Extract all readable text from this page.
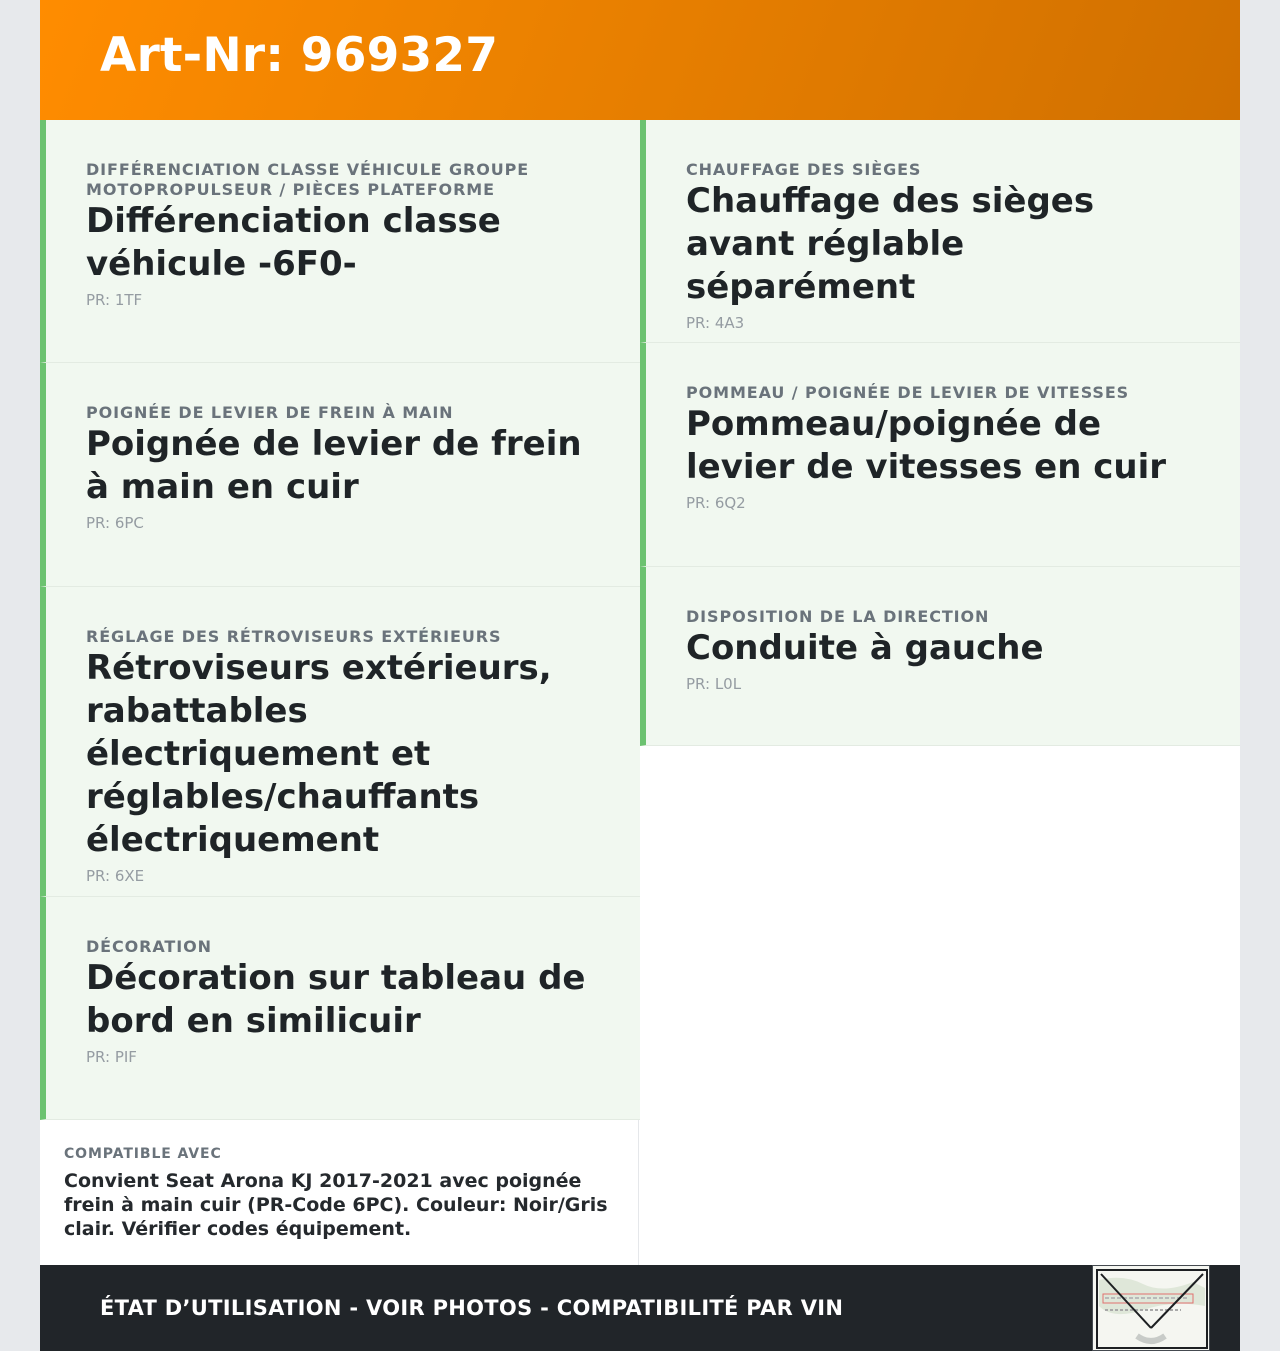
Art-Nr: 969327

DIFFÉRENCIATION CLASSE VÉHICULE GROUPE MOTOPROPULSEUR / PIÈCES PLATEFORME

Différenciation classe véhicule -6F0-

PR: 1TF

POIGNÉE DE LEVIER DE FREIN À MAIN

Poignée de levier de frein à main en cuir

PR: 6PC

RÉGLAGE DES RÉTROVISEURS EXTÉRIEURS

Rétroviseurs extérieurs, rabattables électriquement et réglables/chauffants électriquement

PR: 6XE

DÉCORATION

Décoration sur tableau de bord en similicuir

PR: PIF

CHAUFFAGE DES SIÈGES

Chauffage des sièges avant réglable séparément

PR: 4A3

POMMEAU / POIGNÉE DE LEVIER DE VITESSES

Pommeau/poignée de levier de vitesses en cuir

PR: 6Q2

DISPOSITION DE LA DIRECTION

Conduite à gauche

PR: L0L

COMPATIBLE AVEC

Convient Seat Arona KJ 2017-2021 avec poignée frein à main cuir (PR-Code 6PC). Couleur: Noir/Gris clair. Vérifier codes équipement.

ÉTAT D’UTILISATION - VOIR PHOTOS - COMPATIBILITÉ PAR VIN
